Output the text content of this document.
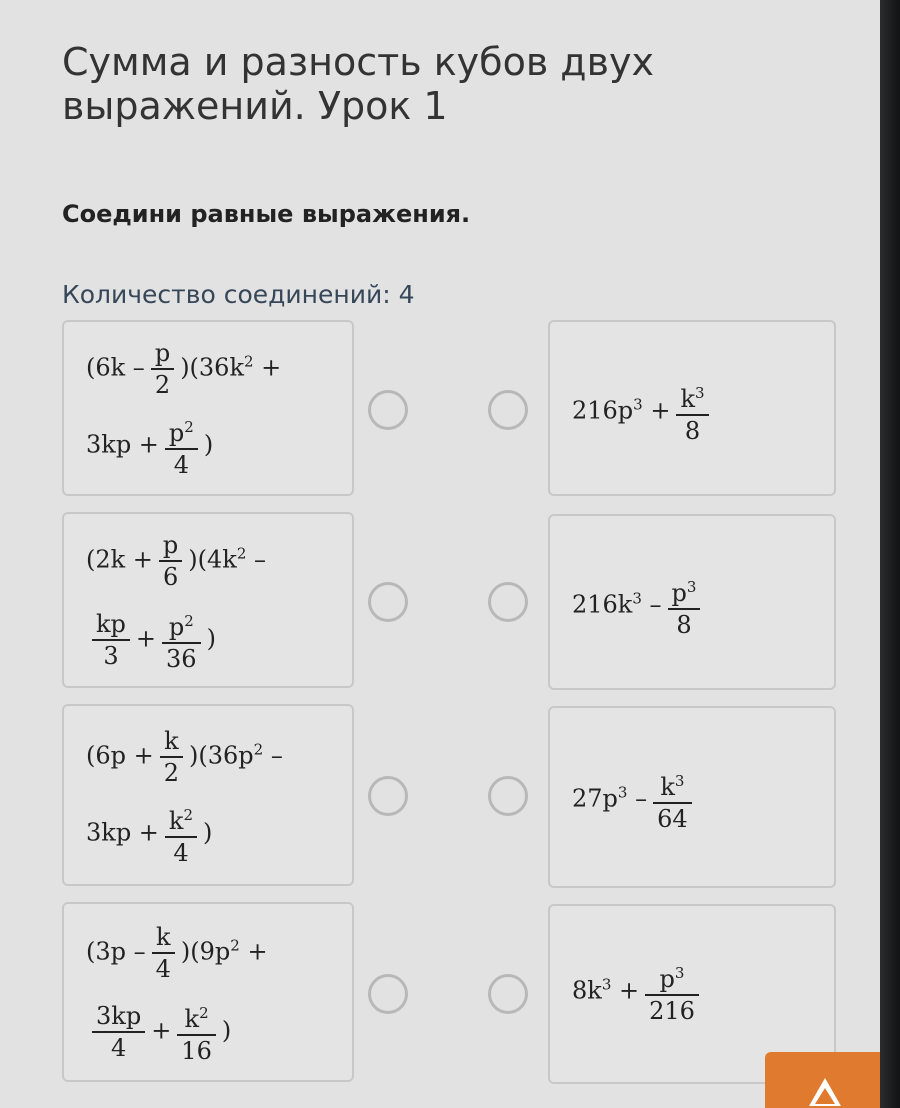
Сумма и разность кубов двух выражений. Урок 1
Соедини равные выражения.
Количество соединений: 4
$(6k - \frac{p}{2} )(36k^2$ +
$3kp + \frac{p^2}{4}$ )
$216p^3 + \frac{k^3}{8}$
$(2k + \frac{p}{6} )(4k^2$ –
$\frac{kp}{3} + \frac{p^2}{36}$ )
$216k^3 - \frac{p^3}{8}$
$(6p + \frac{k}{2} )(36p^2$ –
$3kp + \frac{k^2}{4}$ )
$27p^3 - \frac{k^3}{64}$
$(3p - \frac{k}{4} )(9p^2$ +
$\frac{3kp}{4} + \frac{k^2}{16}$ )
$8k^3 + \frac{p^3}{216}$
